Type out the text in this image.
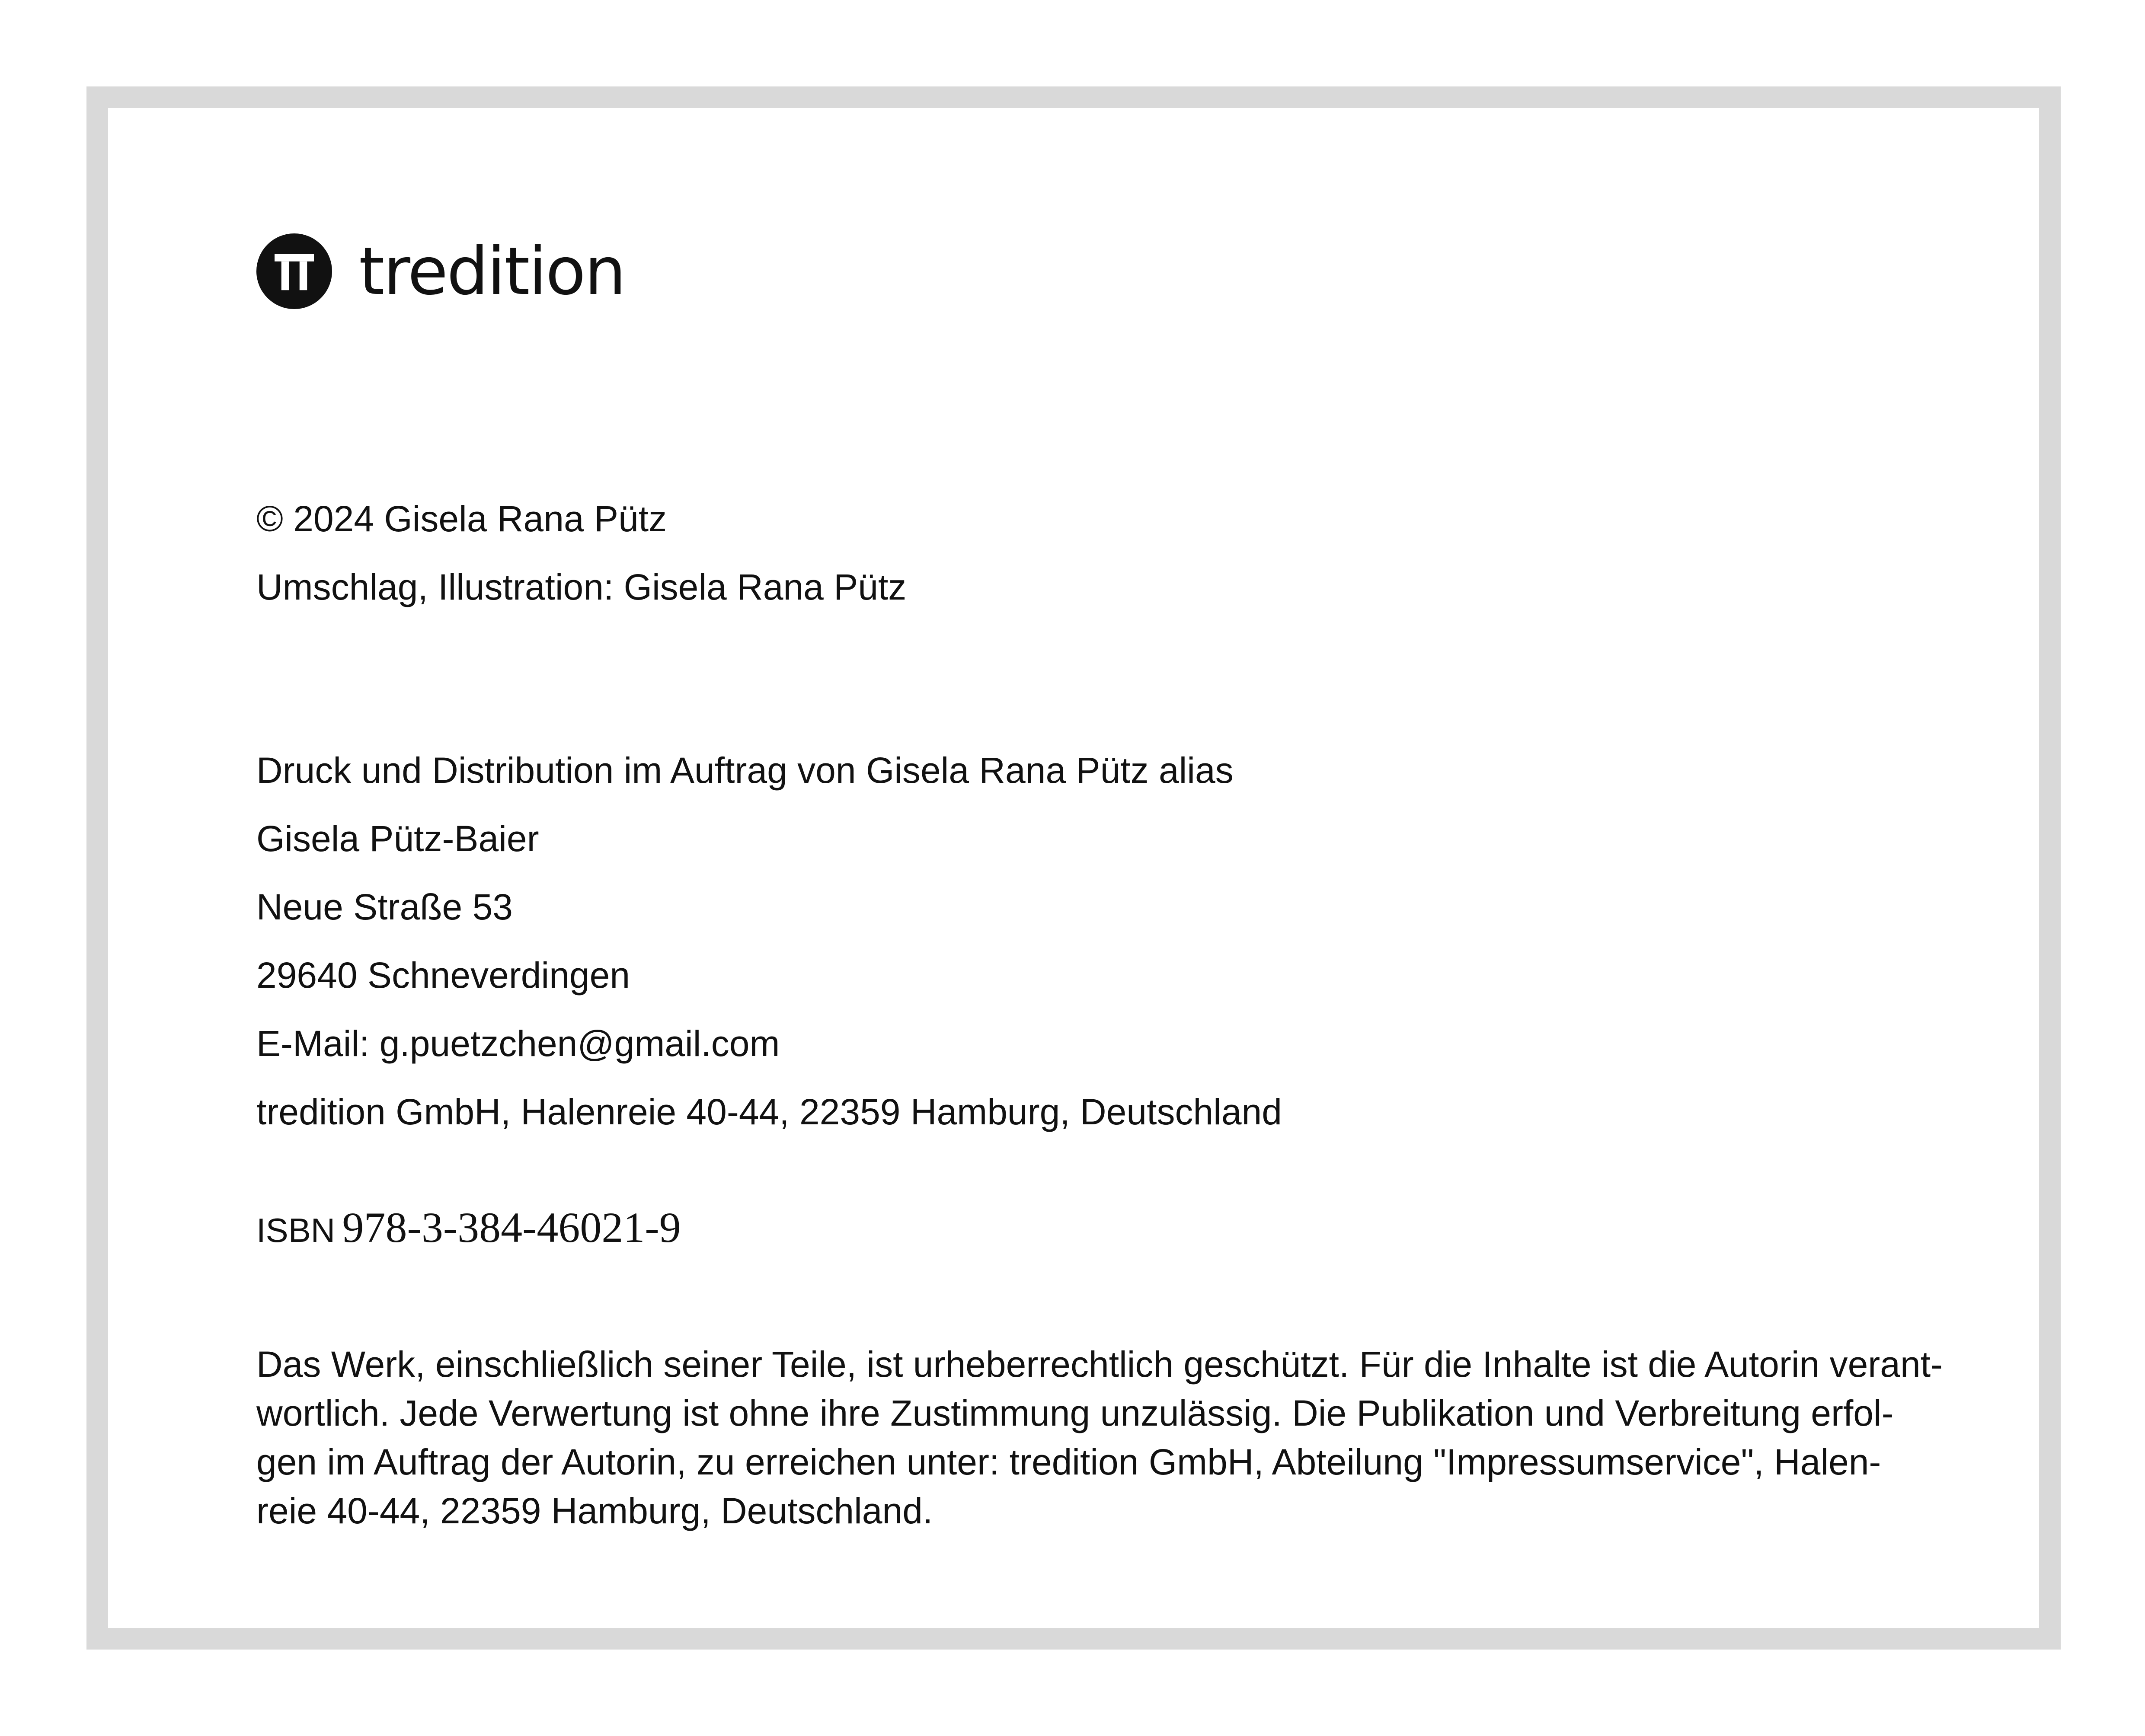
tredition
© 2024 Gisela Rana Pütz
Umschlag, Illustration: Gisela Rana Pütz
Druck und Distribution im Auftrag von Gisela Rana Pütz alias
Gisela Pütz-Baier
Neue Straße 53
29640 Schneverdingen
E-Mail: g.puetzchen@gmail.com
tredition GmbH, Halenreie 40-44, 22359 Hamburg, Deutschland
ISBN 978-3-384-46021-9

Das Werk, einschließlich seiner Teile, ist urheberrechtlich geschützt. Für die Inhalte ist die Autorin verant-
wortlich. Jede Verwertung ist ohne ihre Zustimmung unzulässig. Die Publikation und Verbreitung erfol-
gen im Auftrag der Autorin, zu erreichen unter: tredition GmbH, Abteilung "Impressumservice", Halen-
reie 40-44, 22359 Hamburg, Deutschland.
